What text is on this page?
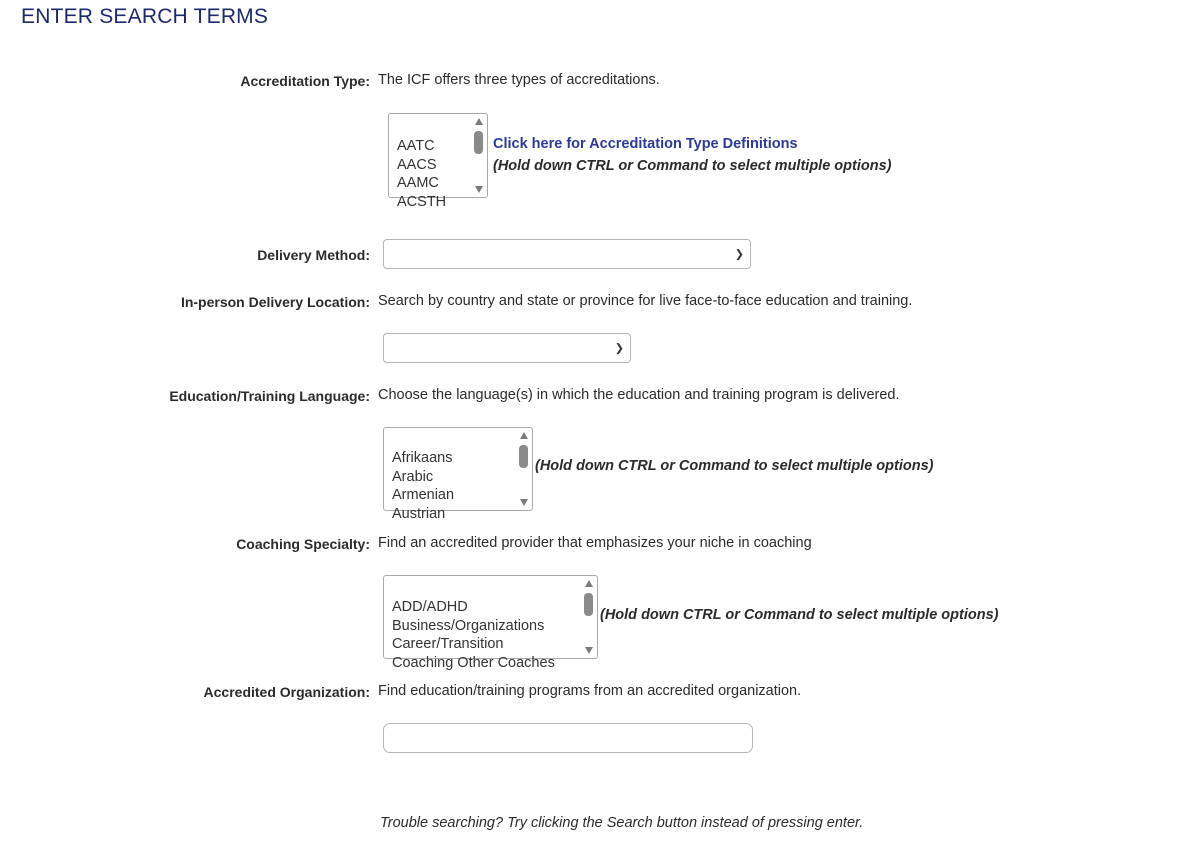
ENTER SEARCH TERMS
Accreditation Type: The ICF offers three types of accreditations.
AATC
AACS
AAMC
ACSTH
Click here for Accreditation Type Definitions
(Hold down CTRL or Command to select multiple options)
Delivery Method:	❯
In-person Delivery Location: Search by country and state or province for live face-to-face education and training.
❯
Education/Training Language: Choose the language(s) in which the education and training program is delivered.
Afrikaans
Arabic
Armenian
Austrian
(Hold down CTRL or Command to select multiple options)
Coaching Specialty: Find an accredited provider that emphasizes your niche in coaching
ADD/ADHD
Business/Organizations
Career/Transition
Coaching Other Coaches
(Hold down CTRL or Command to select multiple options)
Accredited Organization: Find education/training programs from an accredited organization.
Trouble searching? Try clicking the Search button instead of pressing enter.
